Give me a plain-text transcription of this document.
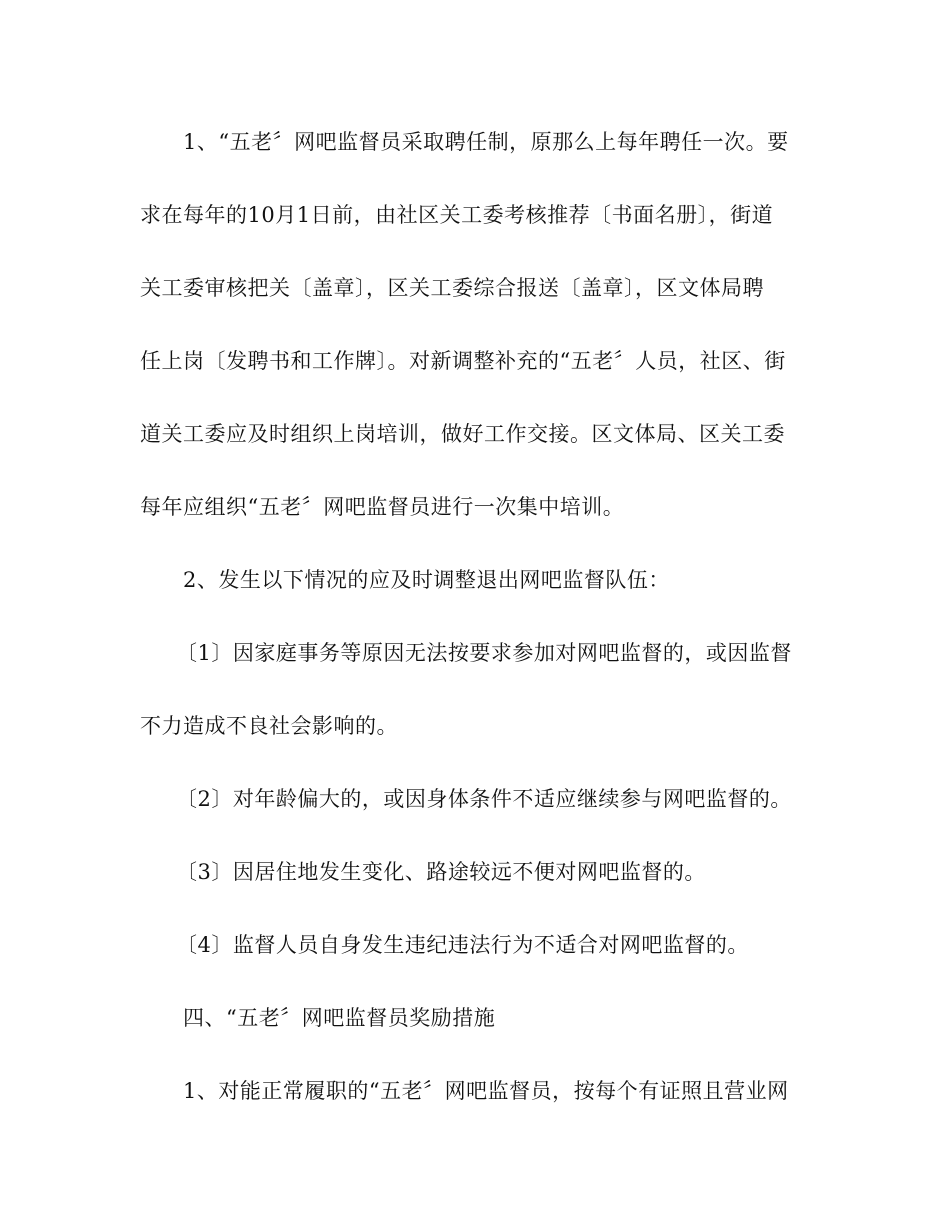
1、“五老〞网吧监督员采取聘任制，原那么上每年聘任一次。要
求在每年的10月1日前，由社区关工委考核推荐〔书面名册〕，街道
关工委审核把关〔盖章〕，区关工委综合报送〔盖章〕，区文体局聘
任上岗〔发聘书和工作牌〕。对新调整补充的“五老〞人员，社区、街
道关工委应及时组织上岗培训，做好工作交接。区文体局、区关工委
每年应组织“五老〞网吧监督员进行一次集中培训。
2、发生以下情况的应及时调整退出网吧监督队伍：
〔1〕因家庭事务等原因无法按要求参加对网吧监督的，或因监督
不力造成不良社会影响的。
〔2〕对年龄偏大的，或因身体条件不适应继续参与网吧监督的。
〔3〕因居住地发生变化、路途较远不便对网吧监督的。
〔4〕监督人员自身发生违纪违法行为不适合对网吧监督的。
四、“五老〞网吧监督员奖励措施
1、对能正常履职的“五老〞网吧监督员，按每个有证照且营业网
